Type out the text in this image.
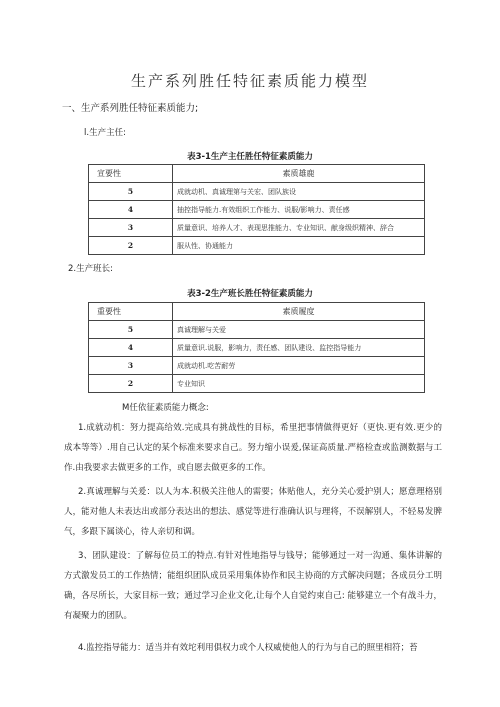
生产系列胜任特征素质能力模型
一、生产系列胜任特征素质能力;
l.生产主任:
表3-1生产主任胜任特征素质能力
宣要性	素质雄鹿
5	成就动机、真诚理第与关宏、团队族设
4	抽控指导能力.有效组织工作能力、说服/影响力、责任感
3	质量意识、培养人才、表现思推能力、专业知识、献身级织精神、辞合
2	服从性、协通能力
2.生产班长:
表3-2生产班长胜任特征素质能力
重要性	素质履度
5	真诚理解与关爱
4	质量意识.说服，影响力，责任感、团队建设、监控指导能力
3	成就动机.吃苦耐劳
2	专业知识
M任依征素质能力概念:

1.成就动机：努力提高给效.完成具有挑战性的目标，希里把事情做得更好（更快.更有效.更少的成本等等）.用自己认定的某个标准来要求自己。努力缩小误爰,保证高质量.严格检查或监测数据与工作.由我要求去做更多的工作，或自愿去做更多的工作。

2.真诚理解与关爰：以人为本.积极关注他人的需要；体贴他人，充分关心爱护别人；愿意理格别人，能对他人未表达出或部分表达出的想法、感觉等进行准确认识与理将，不误解别人，不轻易发脾气，多跟下属谈心，待人亲切和调。

3、团队建设：了解每位员工的特点.有针对性地指导与钱导；能够通过一对一沟通、集体讲解的方式激发员工的工作热情；能组织团队成员采用集体协作和民主协商的方式解决问题；各成员分工明确，各尽所长，大家目标一致；通过学习企业文化,让每个人自觉约束自己: 能够建立一个有战斗力，有凝聚力的团队。

4.监控指导能力：适当并有效坨利用俱权力或个人权威使他人的行为与自己的照里相符；苔
